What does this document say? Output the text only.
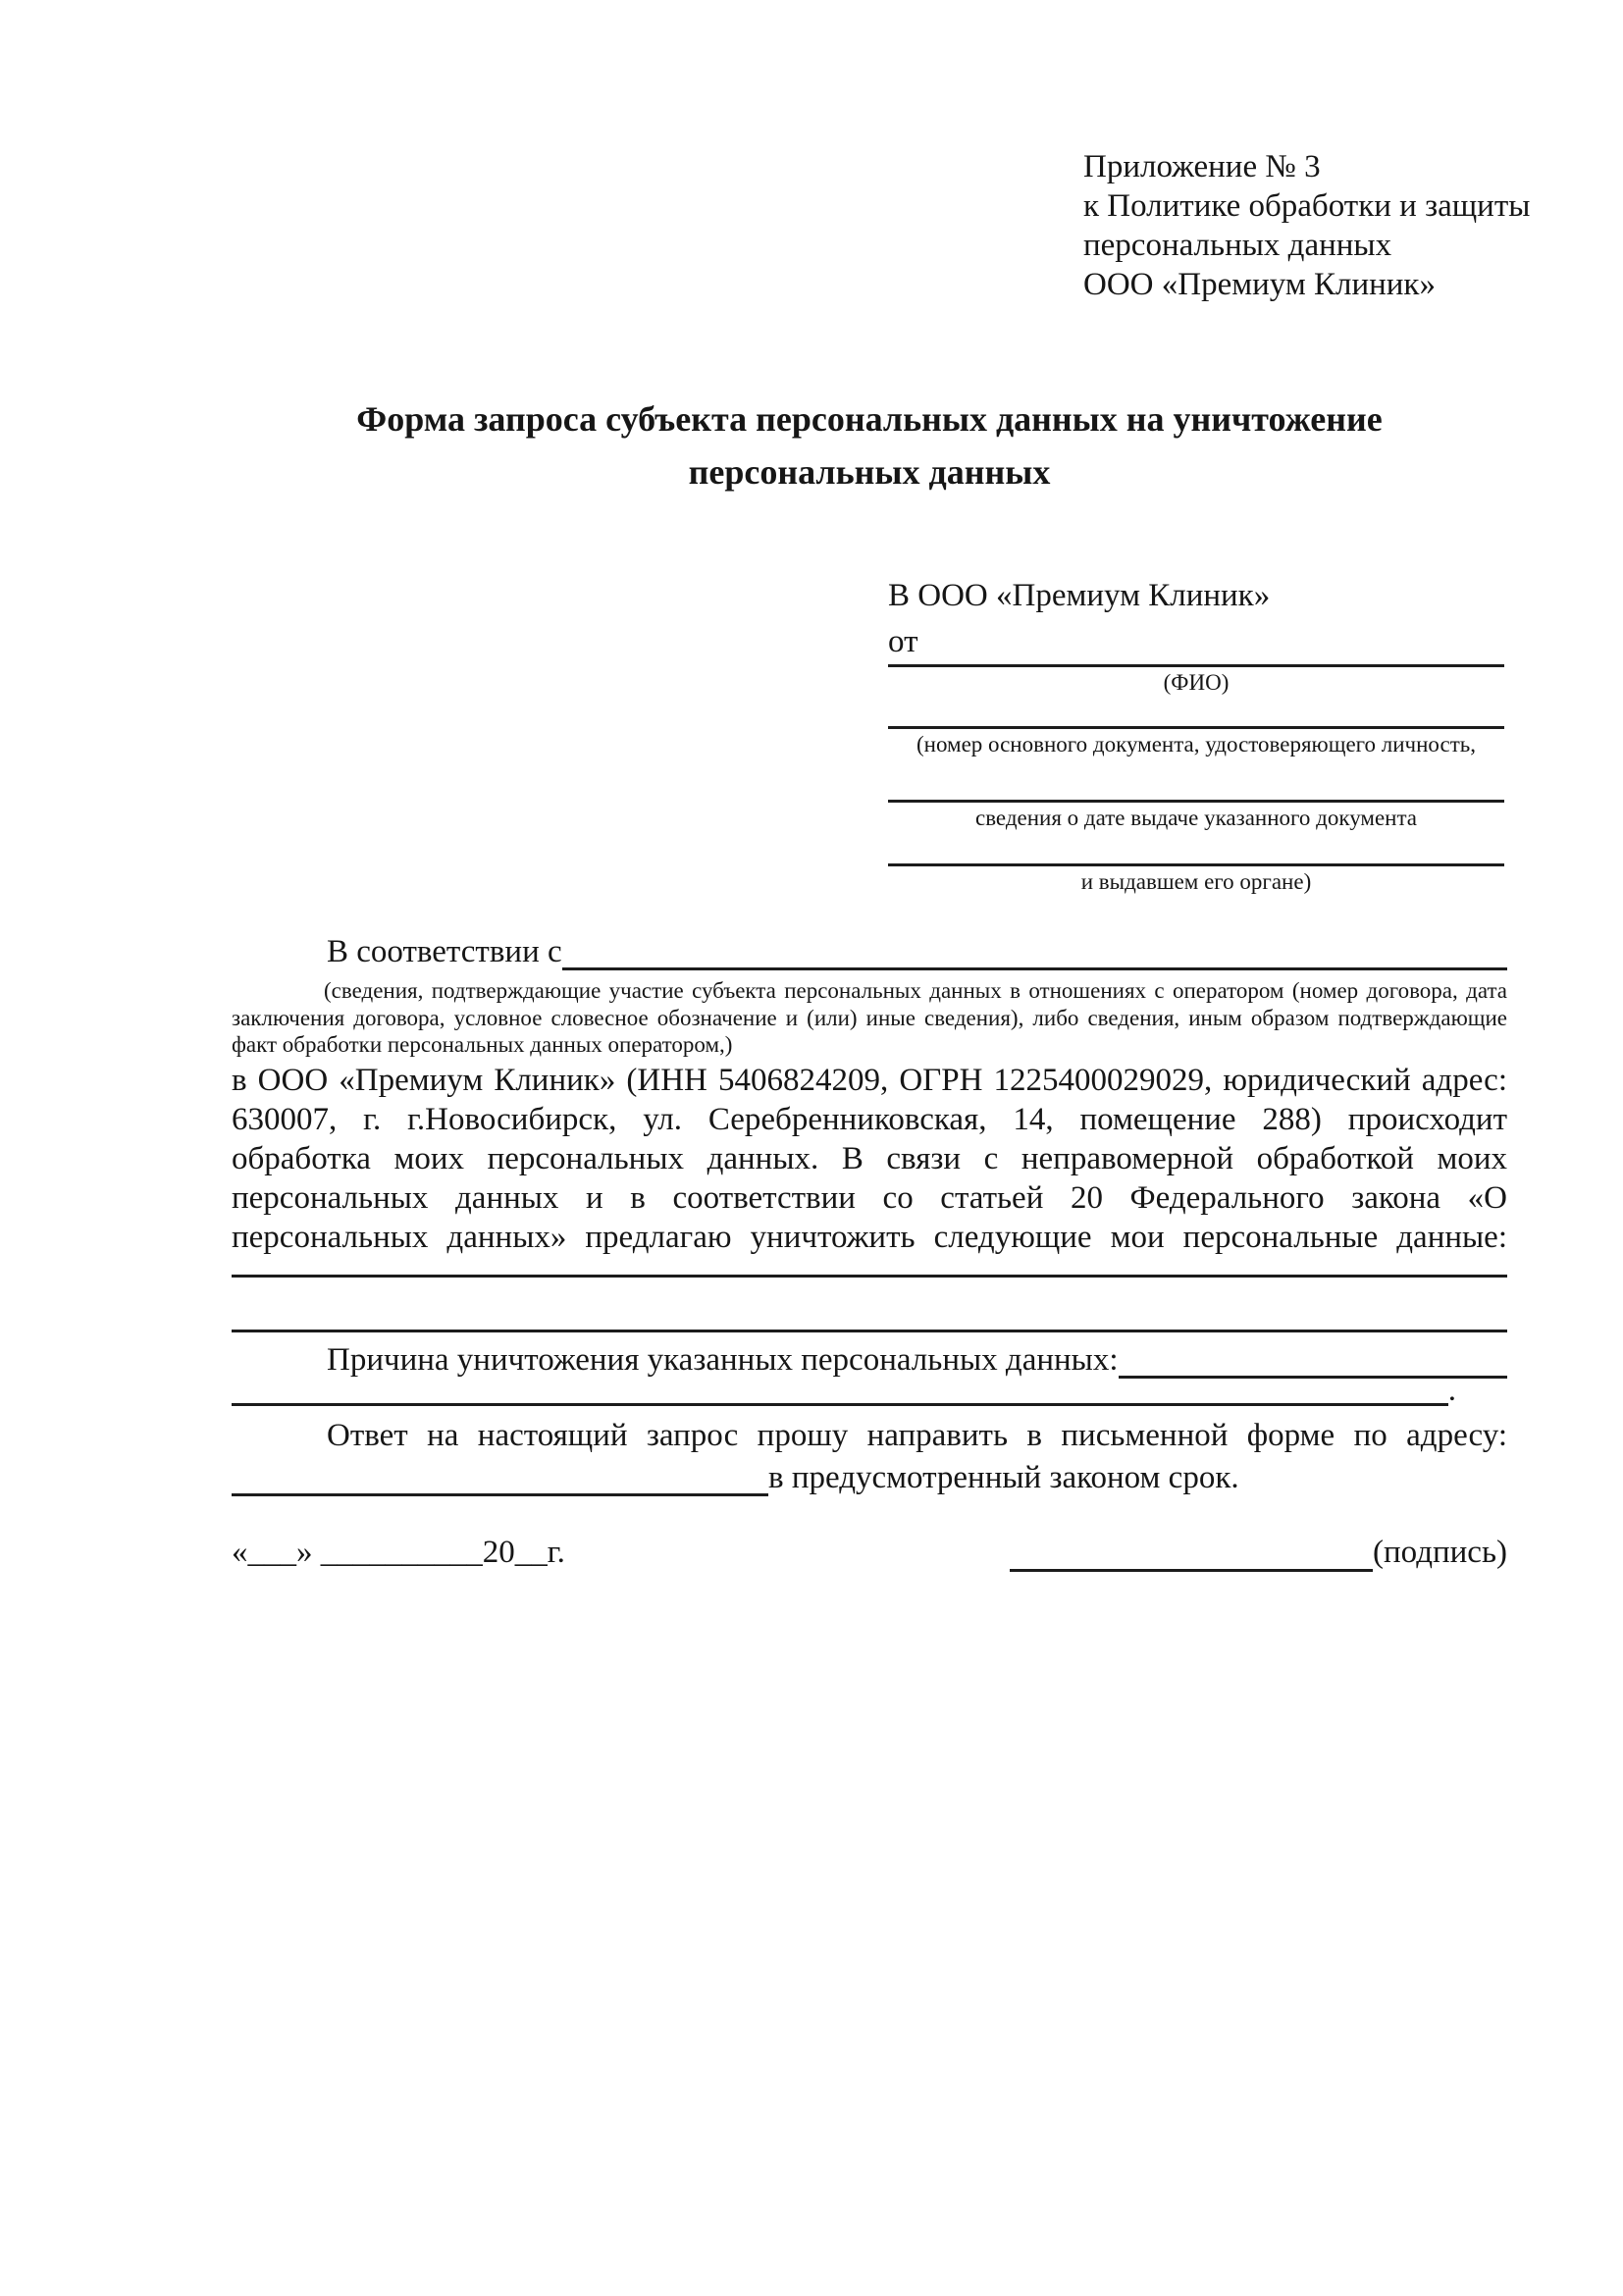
Приложение № 3
к Политике обработки и защиты
персональных данных
ООО «Премиум Клиник»
Форма запроса субъекта персональных данных на уничтожение персональных данных
В ООО «Премиум Клиник»
от
(ФИО)
(номер основного документа, удостоверяющего личность,
сведения о дате выдаче указанного документа
и выдавшем его органе)
В соответствии с
(сведения, подтверждающие участие субъекта персональных данных в отношениях с оператором (номер договора, дата заключения договора, условное словесное обозначение и (или) иные сведения), либо сведения, иным образом подтверждающие факт обработки персональных данных оператором,)
в ООО «Премиум Клиник» (ИНН 5406824209, ОГРН 1225400029029, юридический адрес: 630007, г. г.Новосибирск, ул. Серебренниковская, 14, помещение 288) происходит обработка моих персональных данных. В связи с неправомерной обработкой моих персональных данных и в соответствии со статьей 20 Федерального закона «О персональных данных» предлагаю уничтожить следующие мои персональные данные:
Причина уничтожения указанных персональных данных:
.
Ответ на настоящий запрос прошу направить в письменной форме по адресу:
в предусмотренный законом срок.
«___» __________20__г.	(подпись)
